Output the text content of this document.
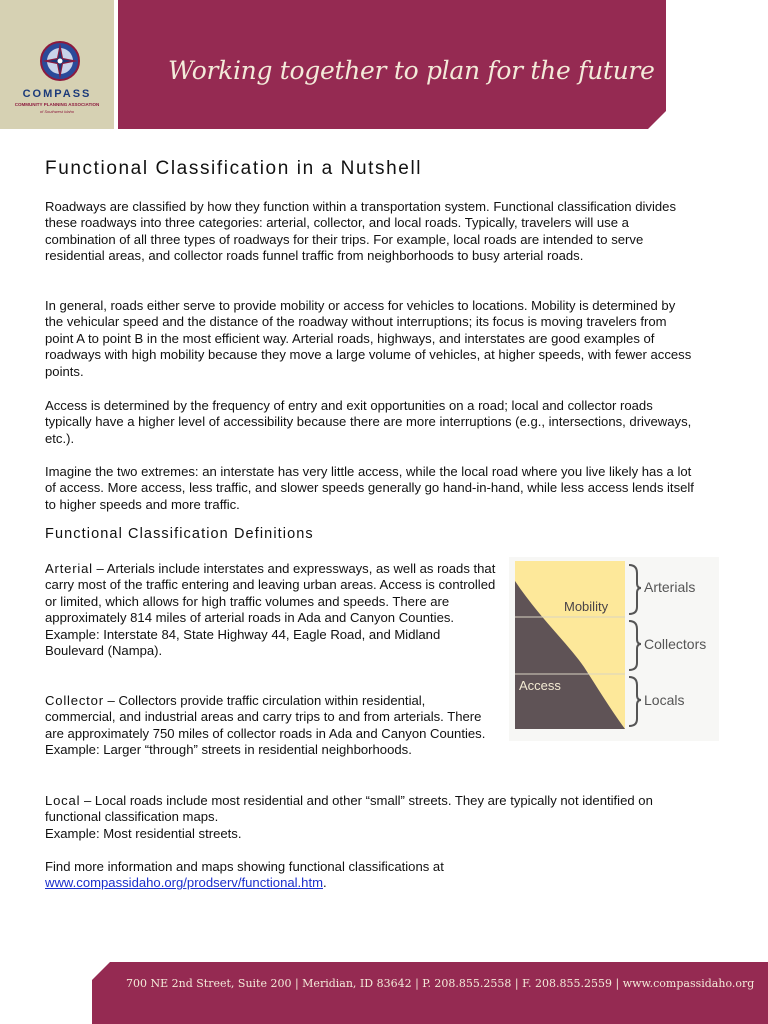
COMPASS
COMMUNITY PLANNING ASSOCIATION
of Southwest Idaho
Working together to plan for the future
Functional Classification in a Nutshell

Roadways are classified by how they function within a transportation system. Functional classification divides these roadways into three categories: arterial, collector, and local roads. Typically, travelers will use a combination of all three types of roadways for their trips. For example, local roads are intended to serve residential areas, and collector roads funnel traffic from neighborhoods to busy arterial roads.

In general, roads either serve to provide mobility or access for vehicles to locations. Mobility is determined by the vehicular speed and the distance of the roadway without interruptions; its focus is moving travelers from point A to point B in the most efficient way. Arterial roads, highways, and interstates are good examples of roadways with high mobility because they move a large volume of vehicles, at higher speeds, with fewer access points.

Access is determined by the frequency of entry and exit opportunities on a road; local and collector roads typically have a higher level of accessibility because there are more interruptions (e.g., intersections, driveways, etc.).

Imagine the two extremes: an interstate has very little access, while the local road where you live likely has a lot of access. More access, less traffic, and slower speeds generally go hand-in-hand, while less access lends itself to higher speeds and more traffic.

Functional Classification Definitions

Arterial – Arterials include interstates and expressways, as well as roads that carry most of the traffic entering and leaving urban areas. Access is controlled or limited, which allows for high traffic volumes and speeds. There are approximately 814 miles of arterial roads in Ada and Canyon Counties.

Example: Interstate 84, State Highway 44, Eagle Road, and Midland Boulevard (Nampa).

Collector – Collectors provide traffic circulation within residential, commercial, and industrial areas and carry trips to and from arterials. There are approximately 750 miles of collector roads in Ada and Canyon Counties.

Example: Larger “through” streets in residential neighborhoods.

Local – Local roads include most residential and other “small” streets. They are typically not identified on functional classification maps.

Example: Most residential streets.

Find more information and maps showing functional classifications at

www.compassidaho.org/prodserv/functional.htm.

Mobility
Access
Arterials
Collectors
Locals
700 NE 2nd Street, Suite 200 | Meridian, ID 83642 | P. 208.855.2558 | F. 208.855.2559 | www.compassidaho.org
